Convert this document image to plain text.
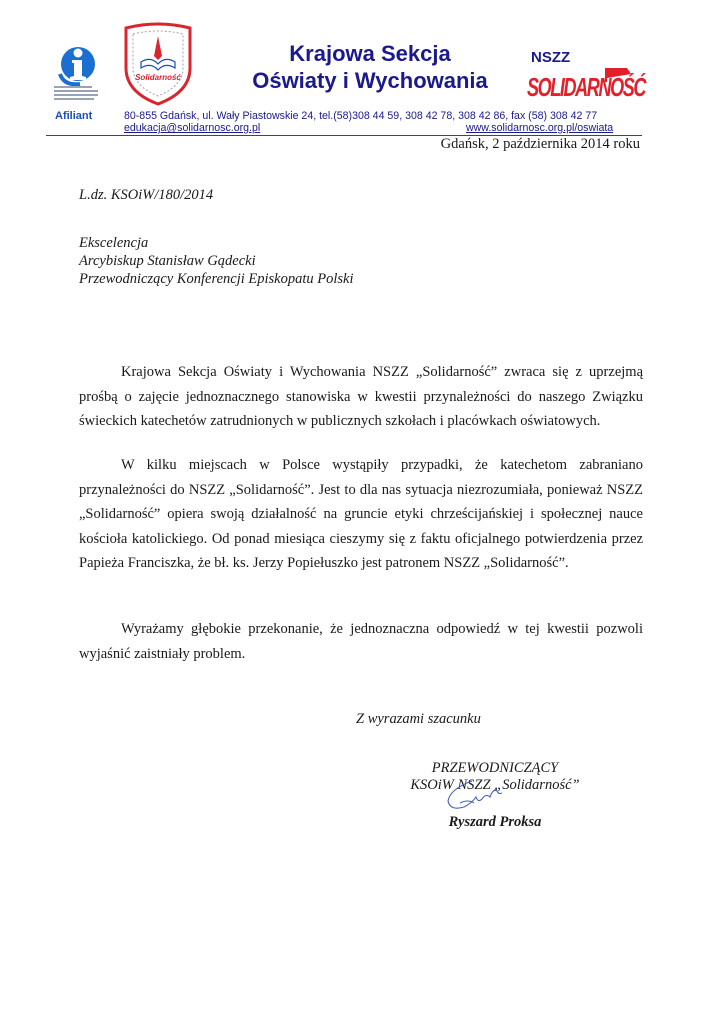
Solidarność
Krajowa Sekcja
Oświaty i Wychowania
NSZZ
SOLIDARNOŚĆ
Afiliant	80-855 Gdańsk, ul. Wały Piastowskie 24, tel.(58)308 44 59, 308 42 78, 308 42 86, fax (58) 308 42 77
edukacja@solidarnosc.org.pl	www.solidarnosc.org.pl/oswiata
Gdańsk, 2 października 2014 roku
L.dz. KSOiW/180/2014
Ekscelencja
Arcybiskup Stanisław Gądecki
Przewodniczący Konferencji Episkopatu Polski

Krajowa Sekcja Oświaty i Wychowania NSZZ „Solidarność” zwraca się z uprzejmą prośbą o zajęcie jednoznacznego stanowiska w kwestii przynależności do naszego Związku świeckich katechetów zatrudnionych w publicznych szkołach i placówkach oświatowych.

W kilku miejscach w Polsce wystąpiły przypadki, że katechetom zabraniano przynależności do NSZZ „Solidarność”. Jest to dla nas sytuacja niezrozumiała, ponieważ NSZZ „Solidarność” opiera swoją działalność na gruncie etyki chrześcijańskiej i społecznej nauce kościoła katolickiego. Od ponad miesiąca cieszymy się z faktu oficjalnego potwierdzenia przez Papieża Franciszka, że bł. ks. Jerzy Popiełuszko jest patronem NSZZ „Solidarność”.

Wyrażamy głębokie przekonanie, że jednoznaczna odpowiedź w tej kwestii pozwoli wyjaśnić zaistniały problem.

Z wyrazami szacunku
PRZEWODNICZĄCY
KSOiW NSZZ „Solidarność”
Ryszard Proksa
